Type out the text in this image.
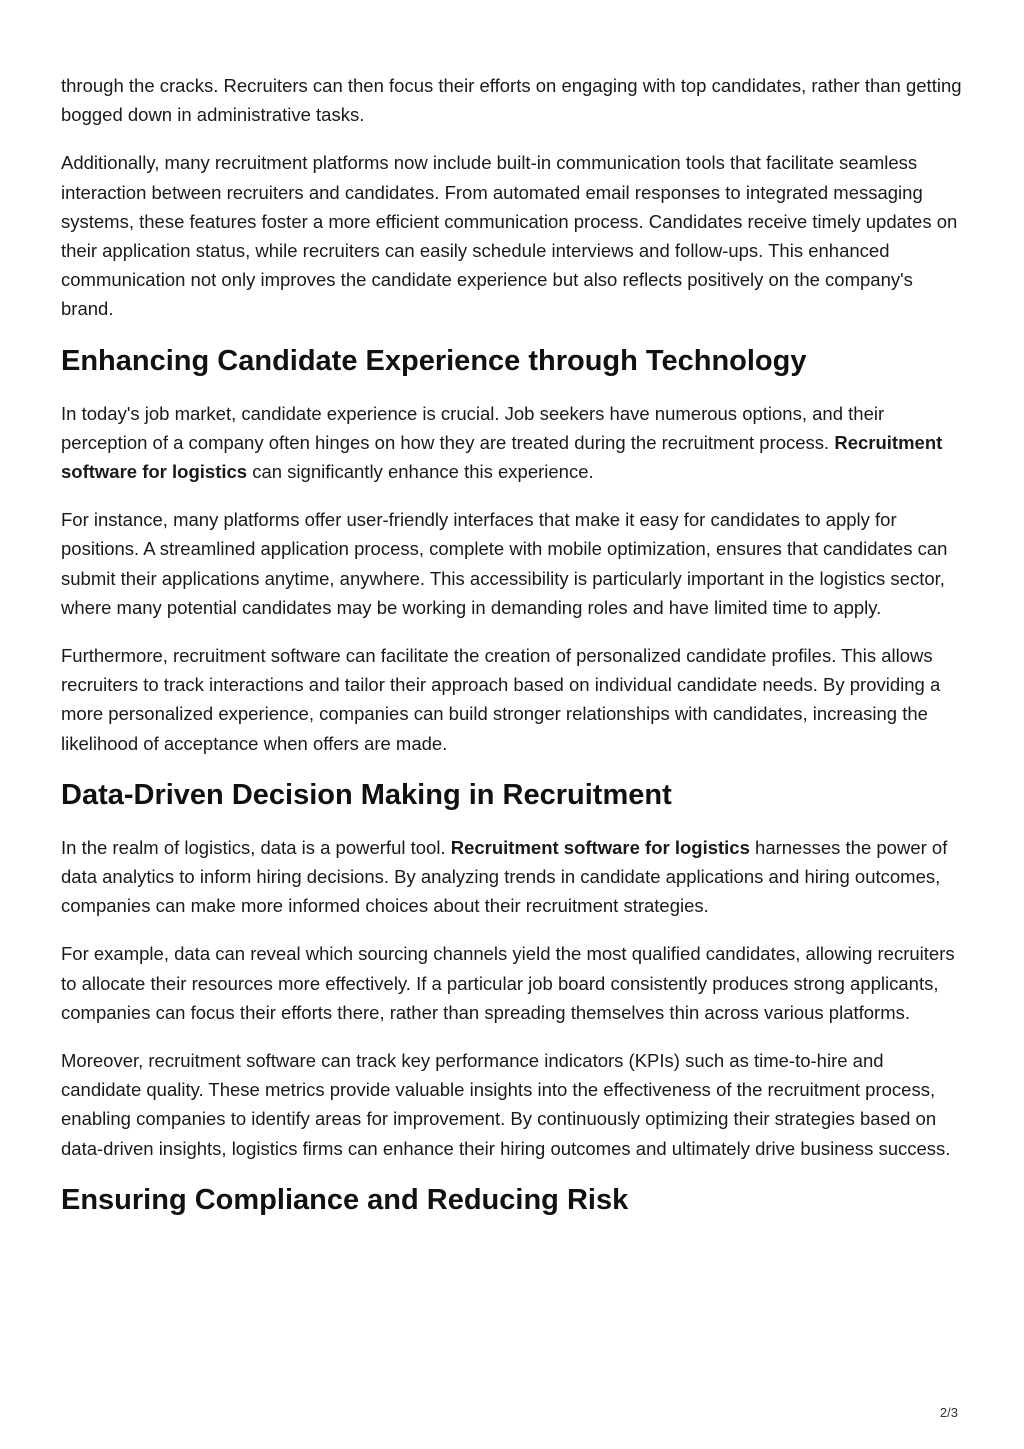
through the cracks. Recruiters can then focus their efforts on engaging with top candidates, rather than getting bogged down in administrative tasks.

Additionally, many recruitment platforms now include built-in communication tools that facilitate seamless interaction between recruiters and candidates. From automated email responses to integrated messaging systems, these features foster a more efficient communication process. Candidates receive timely updates on their application status, while recruiters can easily schedule interviews and follow-ups. This enhanced communication not only improves the candidate experience but also reflects positively on the company's brand.

Enhancing Candidate Experience through Technology

In today's job market, candidate experience is crucial. Job seekers have numerous options, and their perception of a company often hinges on how they are treated during the recruitment process. Recruitment software for logistics can significantly enhance this experience.

For instance, many platforms offer user-friendly interfaces that make it easy for candidates to apply for positions. A streamlined application process, complete with mobile optimization, ensures that candidates can submit their applications anytime, anywhere. This accessibility is particularly important in the logistics sector, where many potential candidates may be working in demanding roles and have limited time to apply.

Furthermore, recruitment software can facilitate the creation of personalized candidate profiles. This allows recruiters to track interactions and tailor their approach based on individual candidate needs. By providing a more personalized experience, companies can build stronger relationships with candidates, increasing the likelihood of acceptance when offers are made.

Data-Driven Decision Making in Recruitment

In the realm of logistics, data is a powerful tool. Recruitment software for logistics harnesses the power of data analytics to inform hiring decisions. By analyzing trends in candidate applications and hiring outcomes, companies can make more informed choices about their recruitment strategies.

For example, data can reveal which sourcing channels yield the most qualified candidates, allowing recruiters to allocate their resources more effectively. If a particular job board consistently produces strong applicants, companies can focus their efforts there, rather than spreading themselves thin across various platforms.

Moreover, recruitment software can track key performance indicators (KPIs) such as time-to-hire and candidate quality. These metrics provide valuable insights into the effectiveness of the recruitment process, enabling companies to identify areas for improvement. By continuously optimizing their strategies based on data-driven insights, logistics firms can enhance their hiring outcomes and ultimately drive business success.

Ensuring Compliance and Reducing Risk
2/3
